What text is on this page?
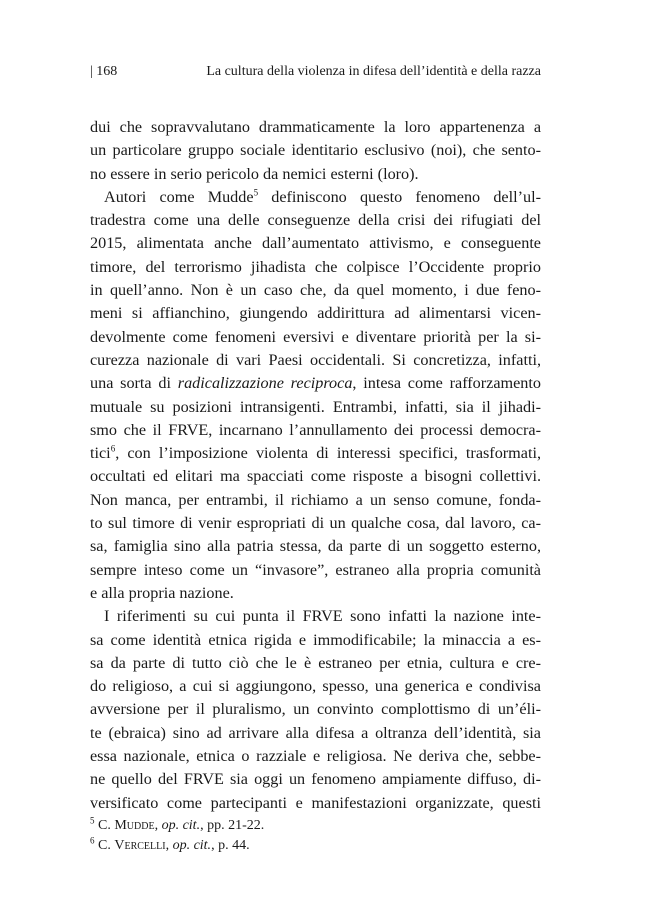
| 168	La cultura della violenza in difesa dell’identità e della razza
dui che sopravvalutano drammaticamente la loro appartenenza a
un particolare gruppo sociale identitario esclusivo (noi), che sento-
no essere in serio pericolo da nemici esterni (loro).
Autori come Mudde$^5$ definiscono questo fenomeno dell’ul-
tradestra come una delle conseguenze della crisi dei rifugiati del
2015, alimentata anche dall’aumentato attivismo, e conseguente
timore, del terrorismo jihadista che colpisce l’Occidente proprio
in quell’anno. Non è un caso che, da quel momento, i due feno-
meni si affianchino, giungendo addirittura ad alimentarsi vicen-
devolmente come fenomeni eversivi e diventare priorità per la si-
curezza nazionale di vari Paesi occidentali. Si concretizza, infatti,
una sorta di radicalizzazione reciproca, intesa come rafforzamento
mutuale su posizioni intransigenti. Entrambi, infatti, sia il jihadi-
smo che il FRVE, incarnano l’annullamento dei processi democra-
tici$^6$, con l’imposizione violenta di interessi specifici, trasformati,
occultati ed elitari ma spacciati come risposte a bisogni collettivi.
Non manca, per entrambi, il richiamo a un senso comune, fonda-
to sul timore di venir espropriati di un qualche cosa, dal lavoro, ca-
sa, famiglia sino alla patria stessa, da parte di un soggetto esterno,
sempre inteso come un “invasore”, estraneo alla propria comunità
e alla propria nazione.
I riferimenti su cui punta il FRVE sono infatti la nazione inte-
sa come identità etnica rigida e immodificabile; la minaccia a es-
sa da parte di tutto ciò che le è estraneo per etnia, cultura e cre-
do religioso, a cui si aggiungono, spesso, una generica e condivisa
avversione per il pluralismo, un convinto complottismo di un’éli-
te (ebraica) sino ad arrivare alla difesa a oltranza dell’identità, sia
essa nazionale, etnica o razziale e religiosa. Ne deriva che, sebbe-
ne quello del FRVE sia oggi un fenomeno ampiamente diffuso, di-
versificato come partecipanti e manifestazioni organizzate, questi
$^5$ C. Mudde, op. cit., pp. 21-22.
$^6$ C. Vercelli, op. cit., p. 44.
